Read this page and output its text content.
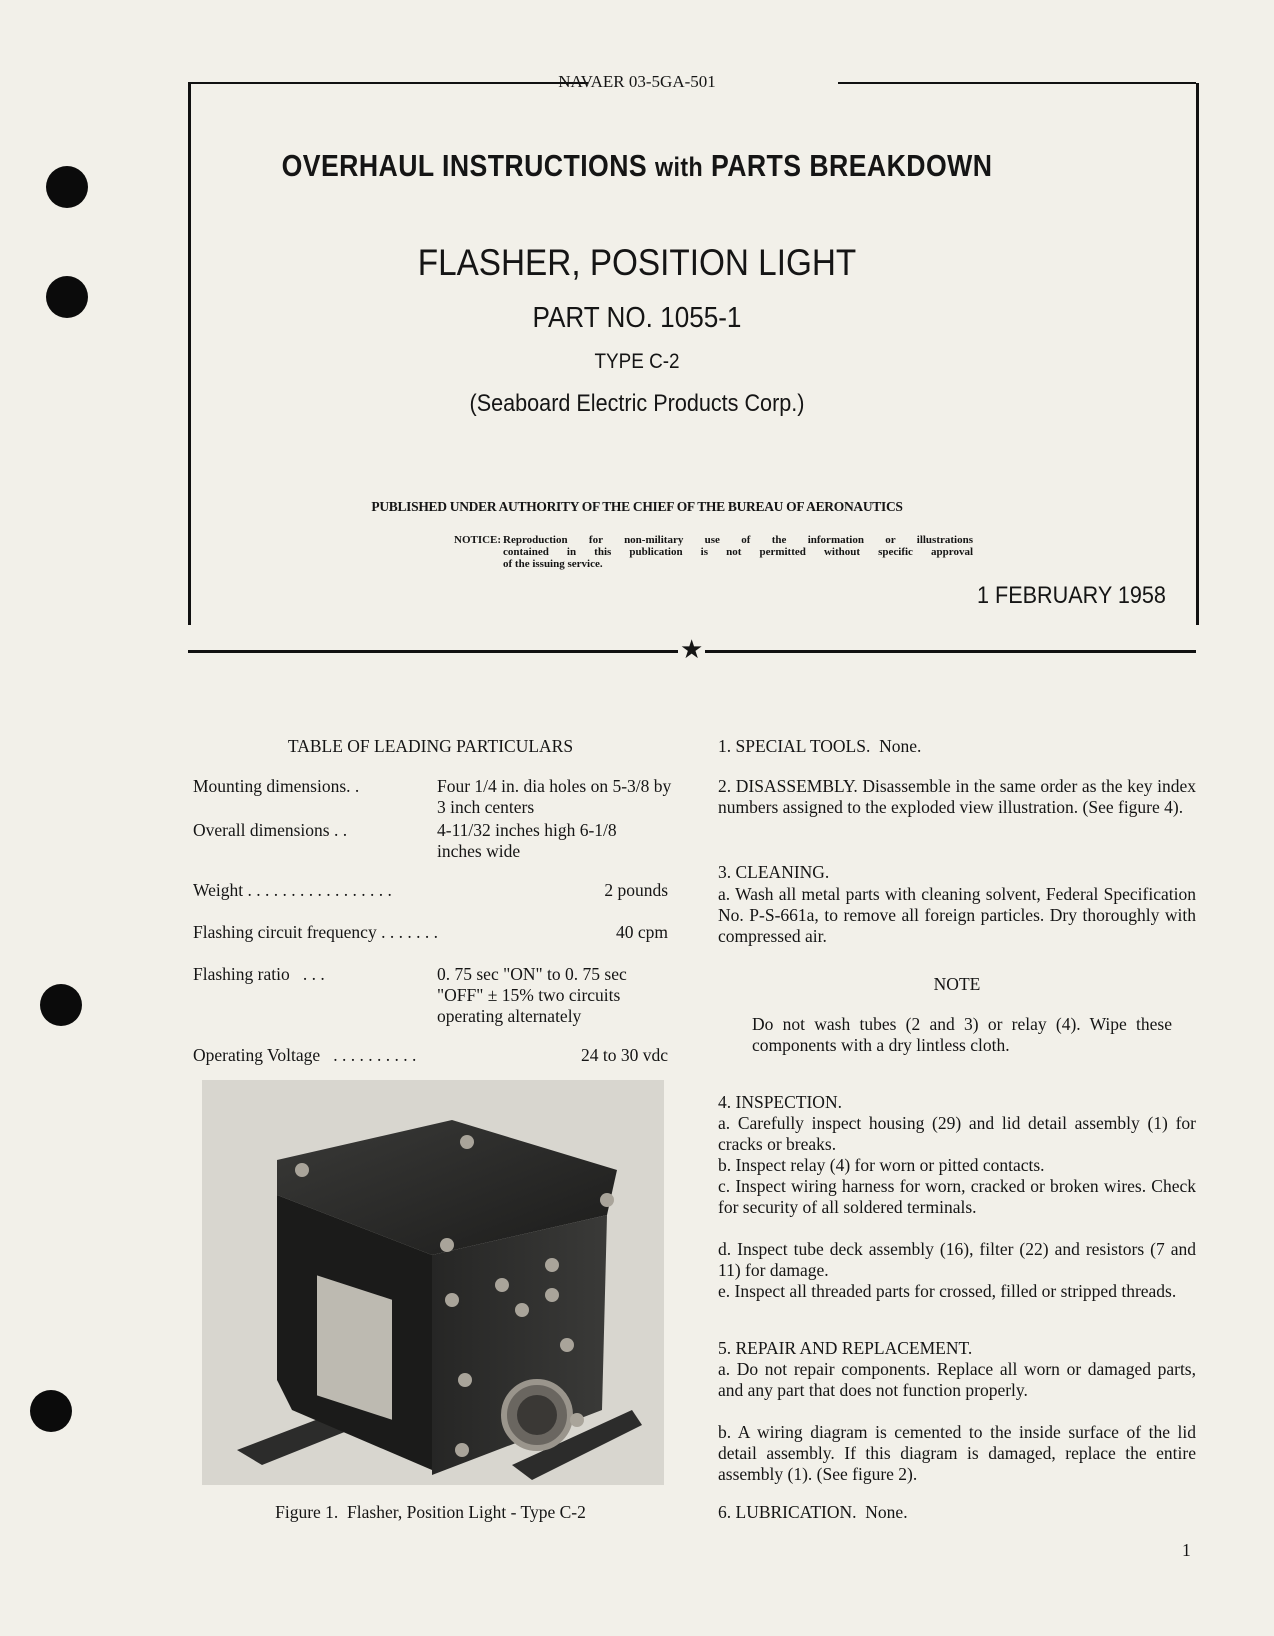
NAVAER 03-5GA-501
OVERHAUL INSTRUCTIONS with PARTS BREAKDOWN
FLASHER, POSITION LIGHT
PART NO. 1055-1
TYPE C-2
(Seaboard Electric Products Corp.)
PUBLISHED UNDER AUTHORITY OF THE CHIEF OF THE BUREAU OF AERONAUTICS
NOTICE: Reproduction for non-military use of the information or illustrations
contained in this publication is not permitted without specific approval
of the issuing service.
1 FEBRUARY 1958
★
TABLE OF LEADING PARTICULARS
Mounting dimensions. .	Four 1/4 in. dia holes on 5-3/8 by 3 inch centers
Overall dimensions . .	4-11/32 inches high 6-1/8 inches wide
Weight . . . . . . . . . . . . . . . . .	2 pounds
Flashing circuit frequency . . . . . . .	40 cpm
Flashing ratio   . . .	0. 75 sec "ON" to 0. 75 sec "OFF" ± 15% two circuits operating alternately
Operating Voltage   . . . . . . . . . .	24 to 30 vdc
Figure 1.  Flasher, Position Light - Type C-2

1. SPECIAL TOOLS.  None.

2. DISASSEMBLY. Disassemble in the same order as the key index numbers assigned to the exploded view illustration. (See figure 4).

3. CLEANING.

a. Wash all metal parts with cleaning solvent, Federal Specification No. P-S-661a, to remove all foreign particles. Dry thoroughly with compressed air.

NOTE

Do not wash tubes (2 and 3) or relay (4). Wipe these components with a dry lintless cloth.

4. INSPECTION.

a. Carefully inspect housing (29) and lid detail assembly (1) for cracks or breaks.

b. Inspect relay (4) for worn or pitted contacts.

c. Inspect wiring harness for worn, cracked or broken wires. Check for security of all soldered terminals.

d. Inspect tube deck assembly (16), filter (22) and resistors (7 and 11) for damage.

e. Inspect all threaded parts for crossed, filled or stripped threads.

5. REPAIR AND REPLACEMENT.

a. Do not repair components. Replace all worn or damaged parts, and any part that does not function properly.

b. A wiring diagram is cemented to the inside surface of the lid detail assembly. If this diagram is damaged, replace the entire assembly (1). (See figure 2).

6. LUBRICATION.  None.

1
